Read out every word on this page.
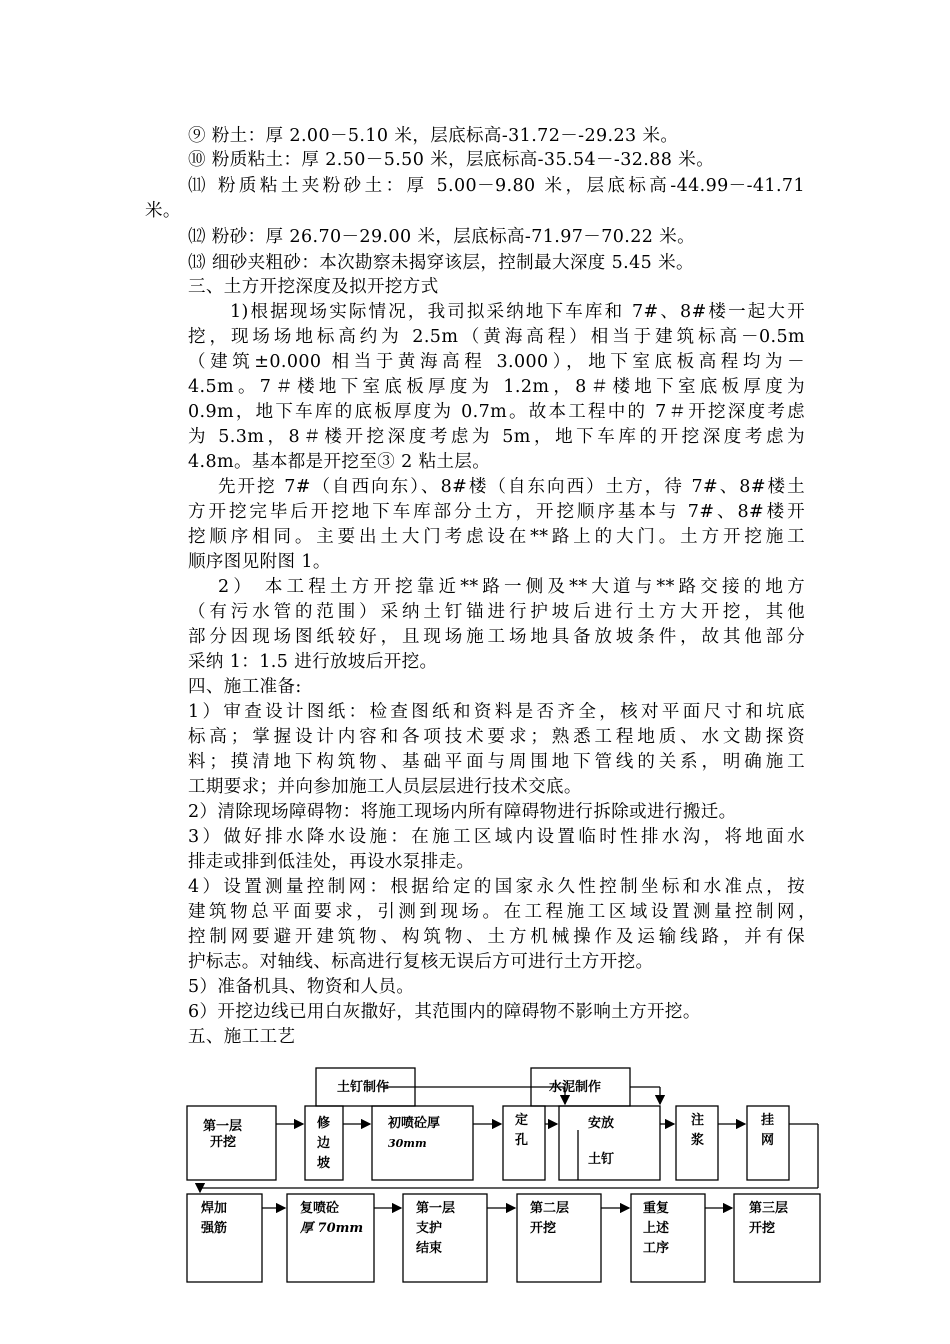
⑨ 粉土：厚 2.00－5.10 米，层底标高-31.72－-29.23 米。
⑩ 粉质粘土：厚 2.50－5.50 米，层底标高-35.54－-32.88 米。
⑾ 粉质粘土夹粉砂土：厚 5.00－9.80 米，层底标高-44.99－-41.71
米。
⑿ 粉砂：厚 26.70－29.00 米，层底标高-71.97－70.22 米。
⒀ 细砂夹粗砂：本次勘察未揭穿该层，控制最大深度 5.45 米。
三、土方开挖深度及拟开挖方式
1)根据现场实际情况，我司拟采纳地下车库和 7#、8#楼一起大开
挖，现场场地标高约为 2.5m（黄海高程）相当于建筑标高－0.5m
（建筑±0.000 相当于黄海高程 3.000），地下室底板高程均为－
4.5m。7＃楼地下室底板厚度为 1.2m，8＃楼地下室底板厚度为
0.9m，地下车库的底板厚度为 0.7m。故本工程中的 7＃开挖深度考虑
为 5.3m，8＃楼开挖深度考虑为 5m，地下车库的开挖深度考虑为
4.8m。基本都是开挖至③ 2 粘土层。
先开挖 7#（自西向东）、8#楼（自东向西）土方，待 7#、8#楼土
方开挖完毕后开挖地下车库部分土方，开挖顺序基本与 7#、8#楼开
挖顺序相同。主要出土大门考虑设在**路上的大门。土方开挖施工
顺序图见附图 1。
2） 本工程土方开挖靠近**路一侧及**大道与**路交接的地方
（有污水管的范围）采纳土钉锚进行护坡后进行土方大开挖，其他
部分因现场图纸较好，且现场施工场地具备放坡条件，故其他部分
采纳 1：1.5 进行放坡后开挖。
四、施工准备:
1）审查设计图纸：检查图纸和资料是否齐全，核对平面尺寸和坑底
标高；掌握设计内容和各项技术要求；熟悉工程地质、水文勘探资
料；摸清地下构筑物、基础平面与周围地下管线的关系，明确施工
工期要求；并向参加施工人员层层进行技术交底。
2）清除现场障碍物：将施工现场内所有障碍物进行拆除或进行搬迁。
3）做好排水降水设施：在施工区域内设置临时性排水沟，将地面水
排走或排到低洼处，再设水泵排走。
4）设置测量控制网：根据给定的国家永久性控制坐标和水准点，按
建筑物总平面要求，引测到现场。在工程施工区域设置测量控制网，
控制网要避开建筑物、构筑物、土方机械操作及运输线路，并有保
护标志。对轴线、标高进行复核无误后方可进行土方开挖。
5）准备机具、物资和人员。
6）开挖边线已用白灰撒好，其范围内的障碍物不影响土方开挖。
五、施工工艺
土钉制作	水泥制作
第一层
开挖
修
边
坡
初喷砼厚
30mm
定
孔
安放
土钉
注
浆
挂
网
焊加
强筋
复喷砼
厚 70mm
第一层
支护
结束
第二层
开挖
重复
上述
工序
第三层
开挖
